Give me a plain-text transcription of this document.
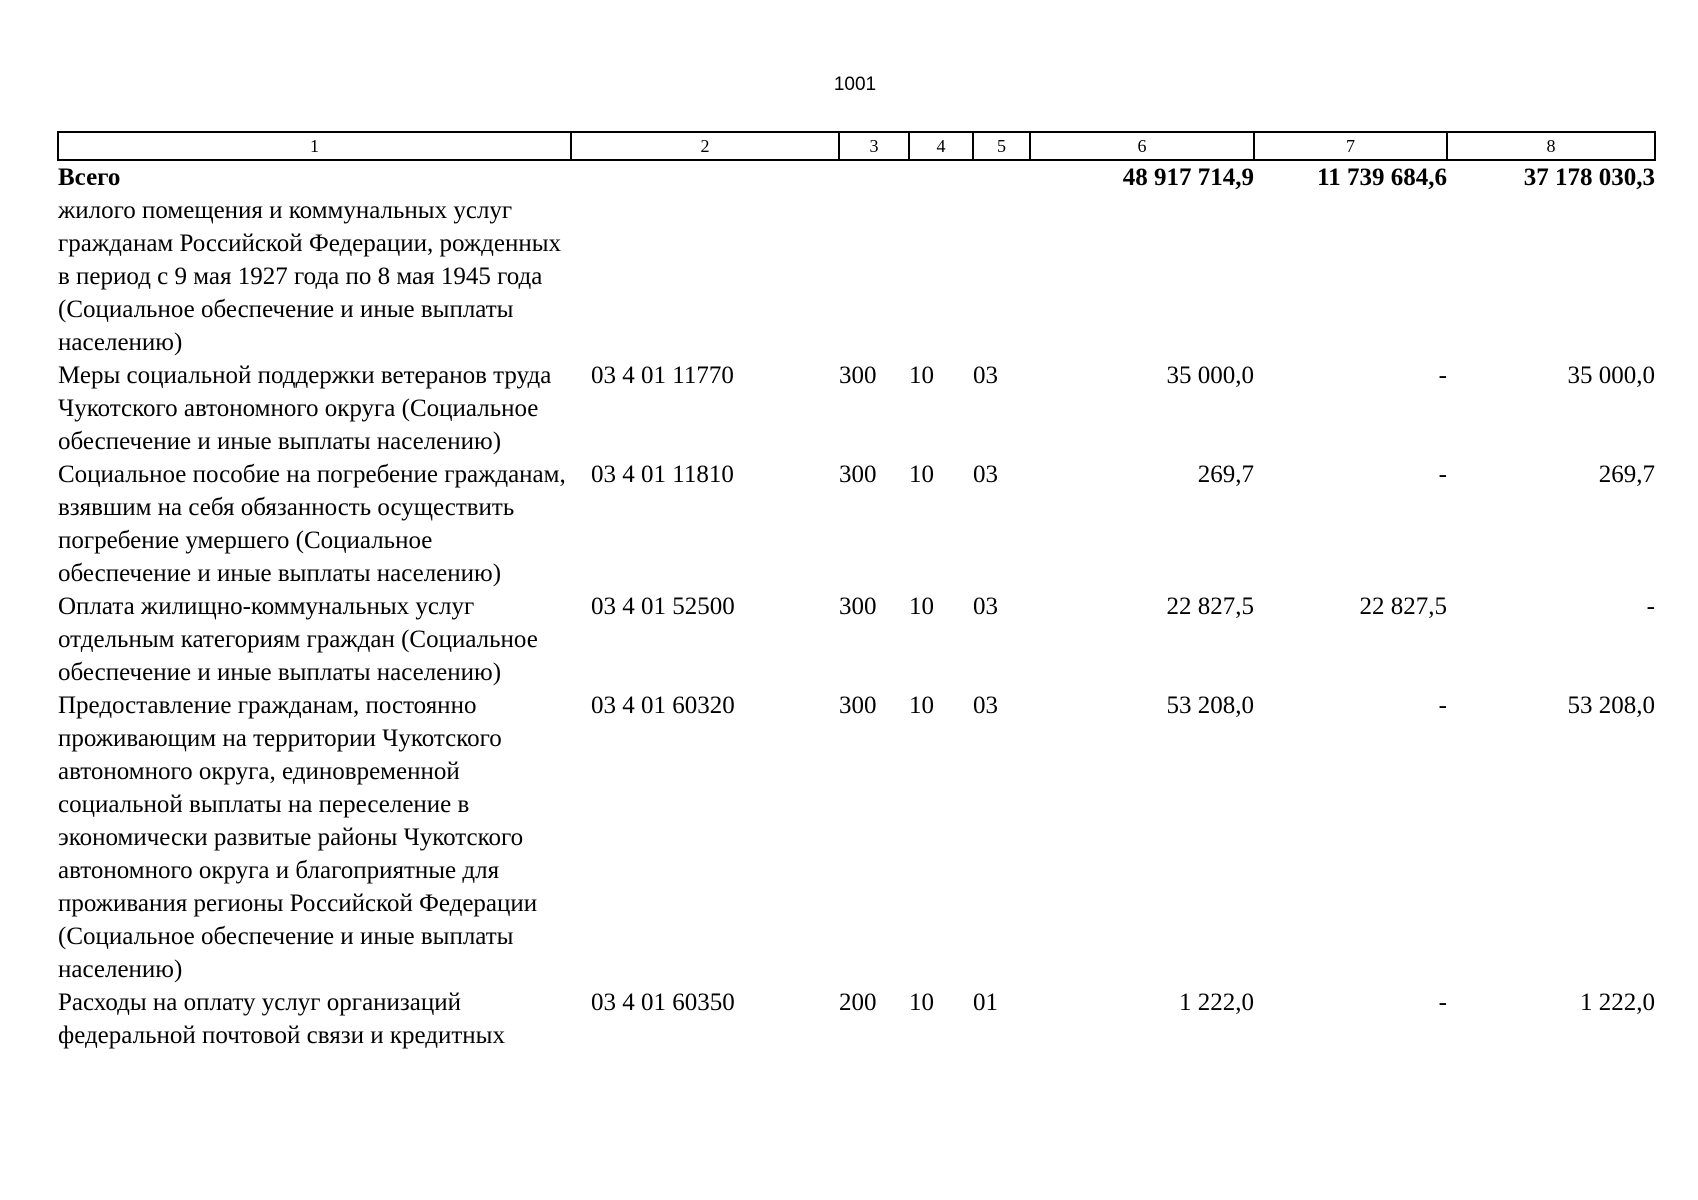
1001
1	2	3	4	5	6	7	8
Всего					48 917 714,9	11 739 684,6	37 178 030,3
жилого помещения и коммунальных услуг гражданам Российской Федерации, рожденных в период с 9 мая 1927 года по 8 мая 1945 года (Социальное обеспечение и иные выплаты населению)							
Меры социальной поддержки ветеранов труда Чукотского автономного округа (Социальное обеспечение и иные выплаты населению)	03 4 01 11770	300	10	03	35 000,0	-	35 000,0
Социальное пособие на погребение гражданам, взявшим на себя обязанность осуществить погребение умершего (Социальное обеспечение и иные выплаты населению)	03 4 01 11810	300	10	03	269,7	-	269,7
Оплата жилищно-коммунальных услуг отдельным категориям граждан (Социальное обеспечение и иные выплаты населению)	03 4 01 52500	300	10	03	22 827,5	22 827,5	-
Предоставление гражданам, постоянно проживающим на территории Чукотского автономного округа, единовременной социальной выплаты на переселение в экономически развитые районы Чукотского автономного округа и благоприятные для проживания регионы Российской Федерации (Социальное обеспечение и иные выплаты населению)	03 4 01 60320	300	10	03	53 208,0	-	53 208,0
Расходы на оплату услуг организаций федеральной почтовой связи и кредитных	03 4 01 60350	200	10	01	1 222,0	-	1 222,0
